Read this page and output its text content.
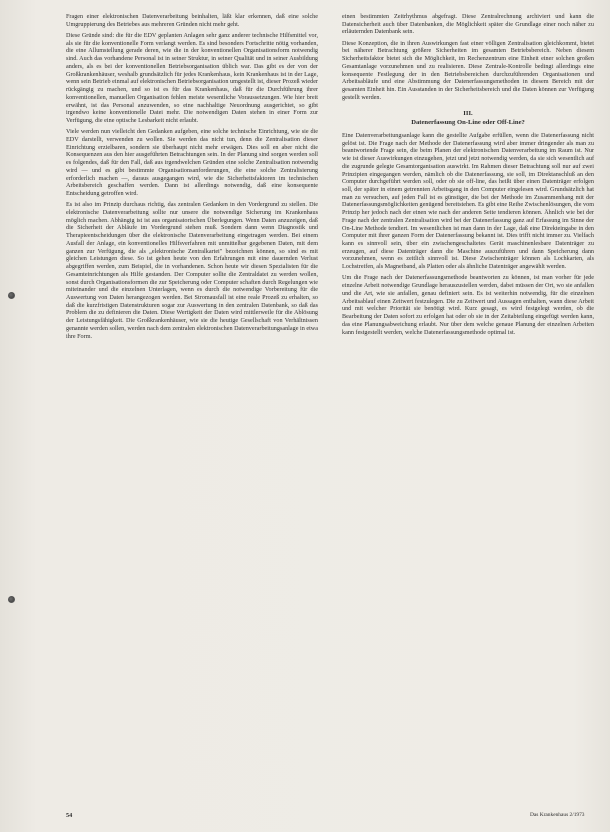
Fragen einer elektronischen Datenverarbeitung beinhalten, läßt klar erkennen, daß eine solche Umgruppierung des Betriebes aus mehreren Gründen nicht mehr geht.

Diese Gründe sind: die für die EDV geplanten Anlagen sehr ganz anderer technische Hilfsmittel vor, als sie für die konventionelle Form verlangt werden. Es sind besonders Fortschritte nötig vorhanden, die eine Allumstellung gerade deren, wie die in der konventionellen Organisationsform notwendig sind. Auch das vorhandene Personal ist in seiner Struktur, in seiner Qualität und in seiner Ausbildung anders, als es bei der konventionellen Betriebsorganisation üblich war. Das gibt es der von der Großkrankenhäuser, weshalb grundsätzlich für jedes Krankenhaus, kein Krankenhaus ist in der Lage, wenn sein Betrieb einmal auf elektronischen Betriebsorganisation umgestellt ist, dieser Prozeß wieder rückgängig zu machen, und so ist es für das Krankenhaus, daß für die Durchführung ihrer konventionellen, manuellen Organisation fehlen meiste wesentliche Voraussetzungen. Wie hier breit erwähnt, ist das Personal anzuwenden, so eine nachhaltige Neuordnung ausgerichtet, so gibt irgendwo keine konventionelle Datei mehr. Die notwendigen Daten stehen in einer Form zur Verfügung, die eine optische Lesbarkeit nicht erlaubt.

Viele werden nun vielleicht den Gedanken aufgeben, eine solche technische Einrichtung, wie sie die EDV darstellt, verwenden zu wollen. Sie werden das nicht tun, denn die Zentralisation dieser Einrichtung erzielbaren, sondern sie überhaupt nicht mehr erwägen. Dies soll en aber nicht die Konsequenzen aus den hier ausgeführten Betrachtungen sein. In der Planung sind sorgen werden soll es folgendes, daß für den Fall, daß aus irgendwelchen Gründen eine solche Zentralisation notwendig wird — und es gibt bestimmte Organisationsanforderungen, die eine solche Zentralisierung erforderlich machen —, daraus ausgegangen wird, wie die Sicherheitsfaktoren im technischen Arbeitsbereich geschaffen werden. Dann ist allerdings notwendig, daß eine konsequente Entscheidung getroffen wird.

Es ist also im Prinzip durchaus richtig, das zentralen Gedanken in den Vordergrund zu stellen. Die elektronische Datenverarbeitung sollte nur unsere die notwendige Sicherung im Krankenhaus möglich machen. Abhängig ist ist aus organisatorischen Überlegungen. Wenn Daten anzuzeigen, daß die Sicherheit der Abläufe im Vordergrund stehen muß. Sondern dann wenn Diagnostik und Therapieentscheidungen über die elektronische Datenverarbeitung eingetragen werden. Bei einem Ausfall der Anlage, ein konventionelles Hilfsverfahren mit unmittelbar gegebenen Daten, mit dem ganzen zur Verfügung, die als „elektronische Zentralkartei" bezeichnen können, so sind es mit gleichen Leistungen diese. So ist gehen heute von den Erfahrungen mit eine dauernden Verlust abgegriffen werden, zum Beispiel, die in vorhandenen. Schon heute wir diesen Spezialisten für die Gesamteinrichtungen als Hilfe gestanden. Der Computer sollte die Zentraldatei zu werden wollen, sonst durch Organisationsformen die zur Speicherung oder Computer schaften durch Regelungen wie miteinander und die einzelnen Unterlagen, wenn es durch die notwendige Vorbereitung für die Auswertung von Daten herangezogen werden. Bei Stromausfall ist eine reale Prozeß zu erhalten, so daß die kurzfristigen Datenstrukturen sogar zur Auswertung in den zentralen Datenbank, so daß das Problem die zu definieren die Daten. Diese Wertigkeit der Daten wird mittlerweile für die Ablösung der Leistungsfähigkeit. Die Großkrankenhäuser, wie sie die heutige Gesellschaft von Verhältnissen genannte werden sollen, werden nach dem zentralen elektronischen Datenverarbeitungsanlage in etwa ihre Form.

einen bestimmten Zeitrhythmus abgefragt. Diese Zentralrechnung archiviert und kann die Datensicherheit auch über Datenbanken, die Möglichkeit später die Grundlage einer noch näher zu erläuternden Datenbank sein.

Diese Konzeption, die in ihren Auswirkungen fast einer völligen Zentralisation gleichkommt, bietet bei näherer Betrachtung größere Sicherheiten im gesamten Betriebsbereich. Neben diesem Sicherheitsfaktor bietet sich die Möglichkeit, im Rechenzentrum eine Einheit einer solchen großen Gesamtanlage vorzunehmen und zu realisieren. Diese Zentrale-Kontrolle bedingt allerdings eine konsequente Festlegung der in den Betriebsbereichen durchzuführenden Organisationen und Arbeitsabläufe und eine Abstimmung der Datenerfassungsmethoden in diesem Bereich mit der gesamten Einheit hin. Ein Ausstanden in der Sicherheitsbereich und die Daten können zur Verfügung gestellt werden.

III.
Datenerfassung On-Line oder Off-Line?

Eine Datenverarbeitungsanlage kann die gestellte Aufgabe erfüllen, wenn die Datenerfassung nicht gelöst ist. Die Frage nach der Methode der Datenerfassung wird aber immer dringender als man zu beantwortende Frage sein, die beim Planen der elektronischen Datenverarbeitung im Raum ist. Nur wie ist dieser Auswirkungen einzugehen, jetzt und jetzt notwendig werden, da sie sich wesentlich auf die zugrunde gelegte Gesamtorganisation auswirkt. Im Rahmen dieser Betrachtung soll nur auf zwei Prinzipien eingegangen werden, nämlich ob die Datenerfassung, sie soll, im Direktanschluß an den Computer durchgeführt werden soll, oder ob sie off-line, das heißt über einen Datenträger erfolgen soll, der später in einem getrennten Arbeitsgang in den Computer eingelesen wird. Grundsätzlich hat man zu versuchen, auf jeden Fall ist es günstiger, die bei der Methode im Zusammenhang mit der Datenerfassungsmöglichkeiten genügend bereitstehen. Es gibt eine Reihe Zwischenlösungen, die vom Prinzip her jedoch nach der einen wie nach der anderen Seite tendieren können. Ähnlich wie bei der Frage nach der zentralen Zentralisation wird bei der Datenerfassung ganz auf Erfassung im Sinne der On-Line Methode tendiert. Im wesentlichen ist man dann in der Lage, daß eine Direkteingabe in den Computer mit ihrer ganzen Form der Datenerfassung bekannt ist. Dies trifft nicht immer zu. Vielfach kann es sinnvoll sein, über ein zwischengeschaltetes Gerät maschinenlesbare Datenträger zu erzeugen, auf diese Datenträger dann die Maschine auszuführen und dann Speicherung dann vorzunehmen, wenn es zeitlich sinnvoll ist. Diese Zwischenträger können als Lochkarten, als Lochstreifen, als Magnetband, als Platten oder als ähnliche Datenträger angewählt werden.

Um die Frage nach der Datenerfassungsmethode beantworten zu können, ist man vorher für jede einzelne Arbeit notwendige Grundlage herauszustellen werden, dabei müssen der Ort, wo sie anfallen und die Art, wie sie anfallen, genau definiert sein. Es ist weiterhin notwendig, für die einzelnen Arbeitsablauf einen Zeitwert festzulegen. Die zu Zeitwert und Aussagen enthalten, wann diese Arbeit und mit welcher Priorität sie benötigt wird. Kurz gesagt, es wird festgelegt werden, ob die Bearbeitung der Daten sofort zu erfolgen hat oder ob sie in der Zeitabteilung eingefügt werden kann, das eine Planungsabweichung erlaubt. Nur über dem welche genaue Planung der einzelnen Arbeiten kann festgestellt werden, welche Datenerfassungsmethode optimal ist.

54	Das Krankenhaus 2/1973
